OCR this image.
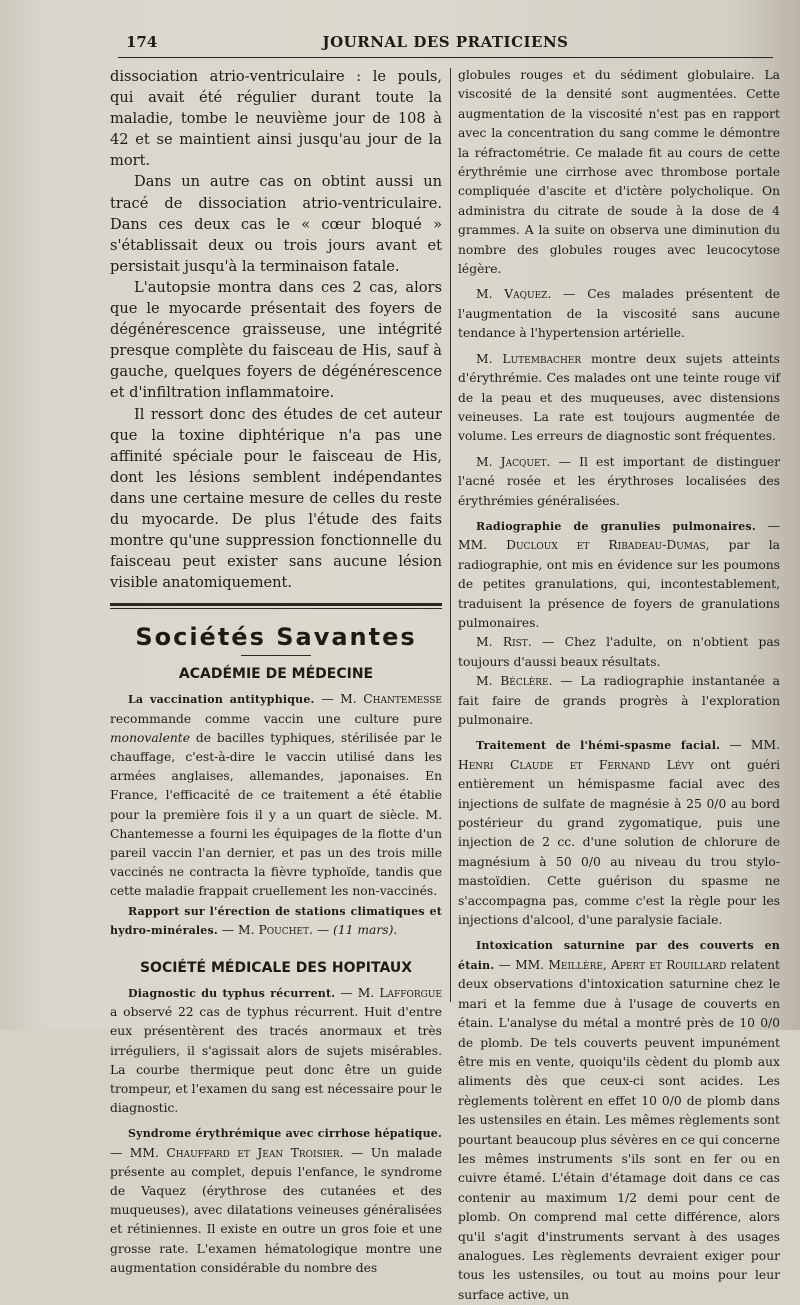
174	JOURNAL DES PRATICIENS

dissociation atrio-ventriculaire : le pouls, qui avait été régulier durant toute la maladie, tombe le neuvième jour de 108 à 42 et se maintient ainsi jusqu'au jour de la mort.

Dans un autre cas on obtint aussi un tracé de dissociation atrio-ventriculaire. Dans ces deux cas le « cœur bloqué » s'établissait deux ou trois jours avant et persistait jusqu'à la terminaison fatale.

L'autopsie montra dans ces 2 cas, alors que le myocarde présentait des foyers de dégénérescence graisseuse, une intégrité presque complète du faisceau de His, sauf à gauche, quelques foyers de dégénérescence et d'infiltration inflammatoire.

Il ressort donc des études de cet auteur que la toxine diphtérique n'a pas une affinité spéciale pour le faisceau de His, dont les lésions semblent indépendantes dans une certaine mesure de celles du reste du myocarde. De plus l'étude des faits montre qu'une suppression fonctionnelle du faisceau peut exister sans aucune lésion visible anatomiquement.

Sociétés Savantes
ACADÉMIE DE MÉDECINE

La vaccination antityphique. — M. Chantemesse recommande comme vaccin une culture pure monovalente de bacilles typhiques, stérilisée par le chauffage, c'est-à-dire le vaccin utilisé dans les armées anglaises, allemandes, japonaises. En France, l'efficacité de ce traitement a été établie pour la première fois il y a un quart de siècle. M. Chantemesse a fourni les équipages de la flotte d'un pareil vaccin l'an dernier, et pas un des trois mille vaccinés ne contracta la fièvre typhoïde, tandis que cette maladie frappait cruellement les non-vaccinés.

Rapport sur l'érection de stations climatiques et hydro-minérales. — M. Pouchet. — (11 mars).

SOCIÉTÉ MÉDICALE DES HOPITAUX

Diagnostic du typhus récurrent. — M. Lafforgue a observé 22 cas de typhus récurrent. Huit d'entre eux présentèrent des tracés anormaux et très irréguliers, il s'agissait alors de sujets misérables. La courbe thermique peut donc être un guide trompeur, et l'examen du sang est nécessaire pour le diagnostic.

Syndrome érythrémique avec cirrhose hépatique. — MM. Chauffard et Jean Troisier. — Un malade présente au complet, depuis l'enfance, le syndrome de Vaquez (érythrose des cutanées et des muqueuses), avec dilatations veineuses généralisées et rétiniennes. Il existe en outre un gros foie et une grosse rate. L'examen hématologique montre une augmentation considérable du nombre des

globules rouges et du sédiment globulaire. La viscosité de la densité sont augmentées. Cette augmentation de la viscosité n'est pas en rapport avec la concentration du sang comme le démontre la réfractométrie. Ce malade fit au cours de cette érythrémie une cirrhose avec thrombose portale compliquée d'ascite et d'ictère polycholique. On administra du citrate de soude à la dose de 4 grammes. A la suite on observa une diminution du nombre des globules rouges avec leucocytose légère.

M. Vaquez. — Ces malades présentent de l'augmentation de la viscosité sans aucune tendance à l'hypertension artérielle.

M. Lutembacher montre deux sujets atteints d'érythrémie. Ces malades ont une teinte rouge vif de la peau et des muqueuses, avec distensions veineuses. La rate est toujours augmentée de volume. Les erreurs de diagnostic sont fréquentes.

M. Jacquet. — Il est important de distinguer l'acné rosée et les érythroses localisées des érythrémies généralisées.

Radiographie de granulies pulmonaires. — MM. Ducloux et Ribadeau-Dumas, par la radiographie, ont mis en évidence sur les poumons de petites granulations, qui, incontestablement, traduisent la présence de foyers de granulations pulmonaires.

M. Rist. — Chez l'adulte, on n'obtient pas toujours d'aussi beaux résultats.

M. Béclère. — La radiographie instantanée a fait faire de grands progrès à l'exploration pulmonaire.

Traitement de l'hémi-spasme facial. — MM. Henri Claude et Fernand Lévy ont guéri entièrement un hémispasme facial avec des injections de sulfate de magnésie à 25 0/0 au bord postérieur du grand zygomatique, puis une injection de 2 cc. d'une solution de chlorure de magnésium à 50 0/0 au niveau du trou stylo-mastoïdien. Cette guérison du spasme ne s'accompagna pas, comme c'est la règle pour les injections d'alcool, d'une paralysie faciale.

Intoxication saturnine par des couverts en étain. — MM. Meillère, Apert et Rouillard relatent deux observations d'intoxication saturnine chez le mari et la femme due à l'usage de couverts en étain. L'analyse du métal a montré près de 10 0/0 de plomb. De tels couverts peuvent impunément être mis en vente, quoiqu'ils cèdent du plomb aux aliments dès que ceux-ci sont acides. Les règlements tolèrent en effet 10 0/0 de plomb dans les ustensiles en étain. Les mêmes règlements sont pourtant beaucoup plus sévères en ce qui concerne les mêmes instruments s'ils sont en fer ou en cuivre étamé. L'étain d'étamage doit dans ce cas contenir au maximum 1/2 demi pour cent de plomb. On comprend mal cette différence, alors qu'il s'agit d'instruments servant à des usages analogues. Les règlements devraient exiger pour tous les ustensiles, ou tout au moins pour leur surface active, un
